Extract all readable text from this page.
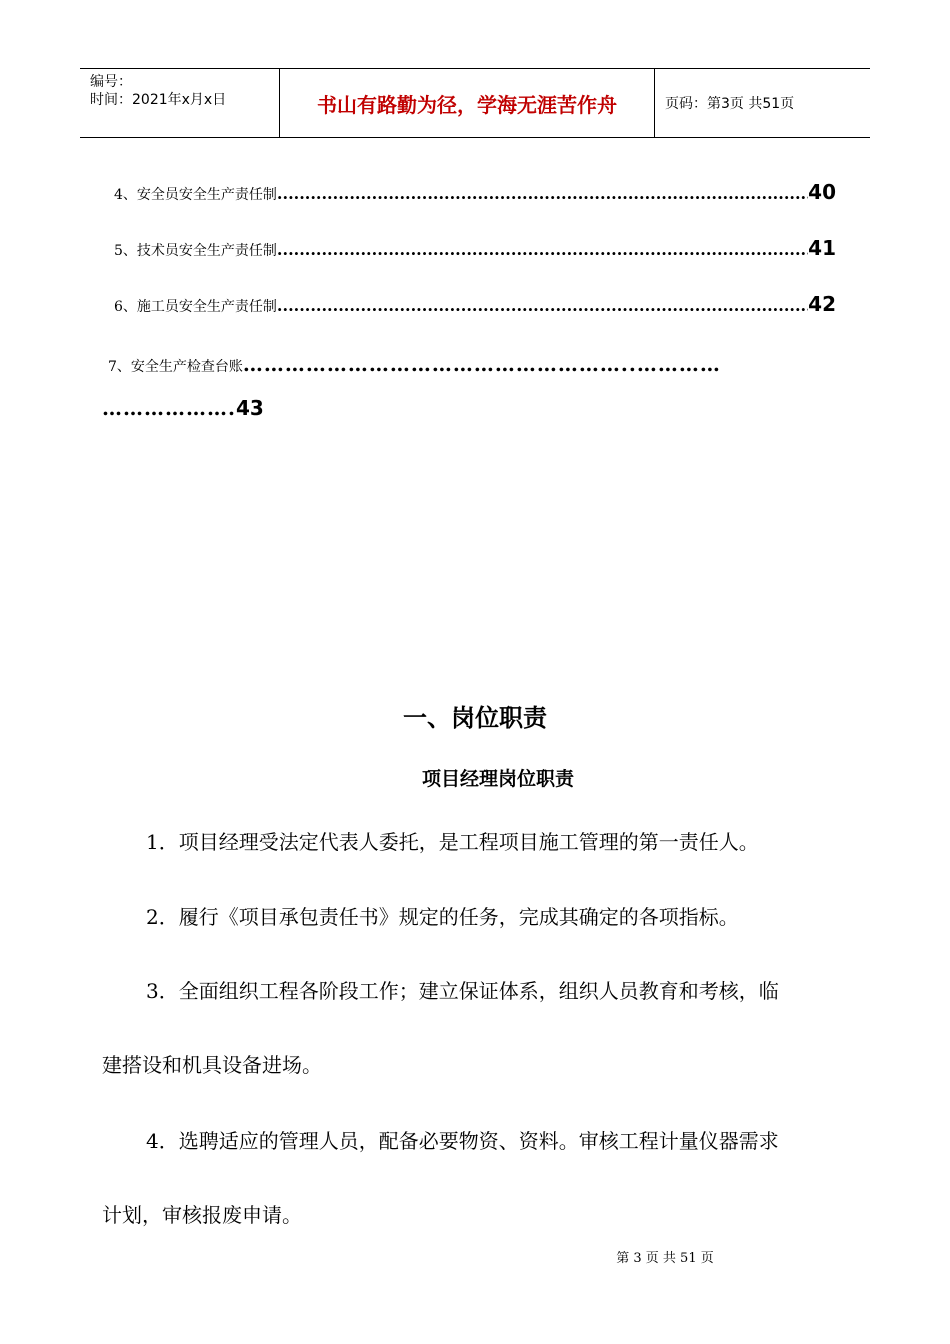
编号：
时间：2021年x月x日	书山有路勤为径，学海无涯苦作舟	页码：第3页 共51页
4、安全员安全生产责任制 .....	40
5、技术员安全生产责任制 .....	41
6、施工员安全生产责任制 .....	42
7、安全生产检查台账………………………………………………..…………
……………….43
一、岗位职责
项目经理岗位职责
1．项目经理受法定代表人委托，是工程项目施工管理的第一责任人。
2．履行《项目承包责任书》规定的任务，完成其确定的各项指标。
3．全面组织工程各阶段工作；建立保证体系，组织人员教育和考核，临
建搭设和机具设备进场。
4．选聘适应的管理人员，配备必要物资、资料。审核工程计量仪器需求
计划，审核报废申请。
第 3 页 共 51 页
